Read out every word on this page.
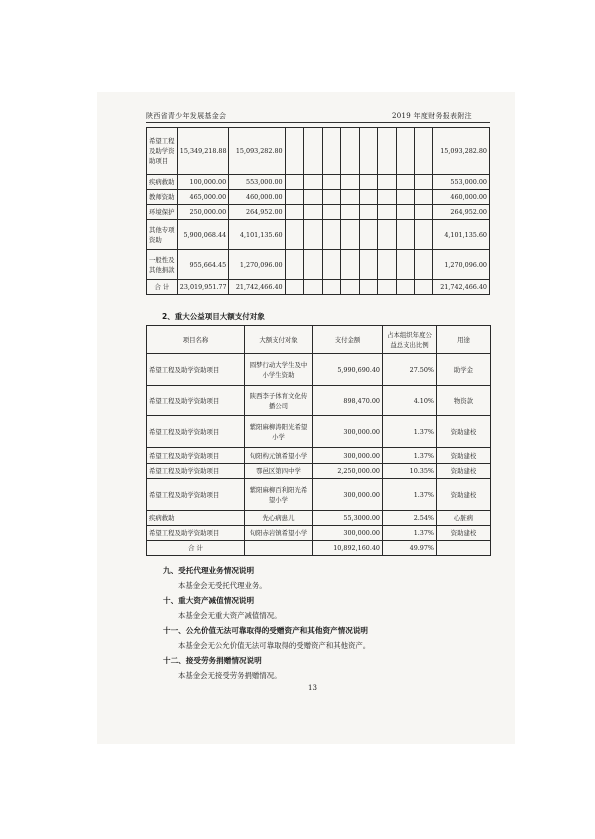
陕西省青少年发展基金会	2019 年度财务报表附注
希望工程及助学资助项目	15,349,218.88	15,093,282.80									15,093,282.80
疾病救助	100,000.00	553,000.00									553,000.00
教师资助	465,000.00	460,000.00									460,000.00
环境保护	250,000.00	264,952.00									264,952.00
其他专项资助	5,900,068.44	4,101,135.60									4,101,135.60
一般性及其他捐款	955,664.45	1,270,096.00									1,270,096.00
合 计	23,019,951.77	21,742,466.40									21,742,466.40
2、重大公益项目大额支付对象
项目名称	大额支付对象	支付金额	占本组织年度公益总支出比例	用途
希望工程及助学资助项目	圆梦行动大学生及中小学生资助	5,990,690.40	27.50%	助学金
希望工程及助学资助项目	陕西李子体育文化传播公司	898,470.00	4.10%	物资款
希望工程及助学资助项目	紫阳麻柳涛阳光希望小学	300,000.00	1.37%	资助建校
希望工程及助学资助项目	旬阳构元镇希望小学	300,000.00	1.37%	资助建校
希望工程及助学资助项目	鄠邑区第四中学	2,250,000.00	10.35%	资助建校
希望工程及助学资助项目	紫阳麻柳百利阳光希望小学	300,000.00	1.37%	资助建校
疾病救助	先心病患儿	55,3000.00	2.54%	心脏病
希望工程及助学资助项目	旬阳赤岩镇希望小学	300,000.00	1.37%	资助建校
合 计		10,892,160.40	49.97%	
九、受托代理业务情况说明
本基金会无受托代理业务。
十、重大资产减值情况说明
本基金会无重大资产减值情况。
十一、公允价值无法可靠取得的受赠资产和其他资产情况说明
本基金会无公允价值无法可靠取得的受赠资产和其他资产。
十二、接受劳务捐赠情况说明
本基金会无接受劳务捐赠情况。
13
